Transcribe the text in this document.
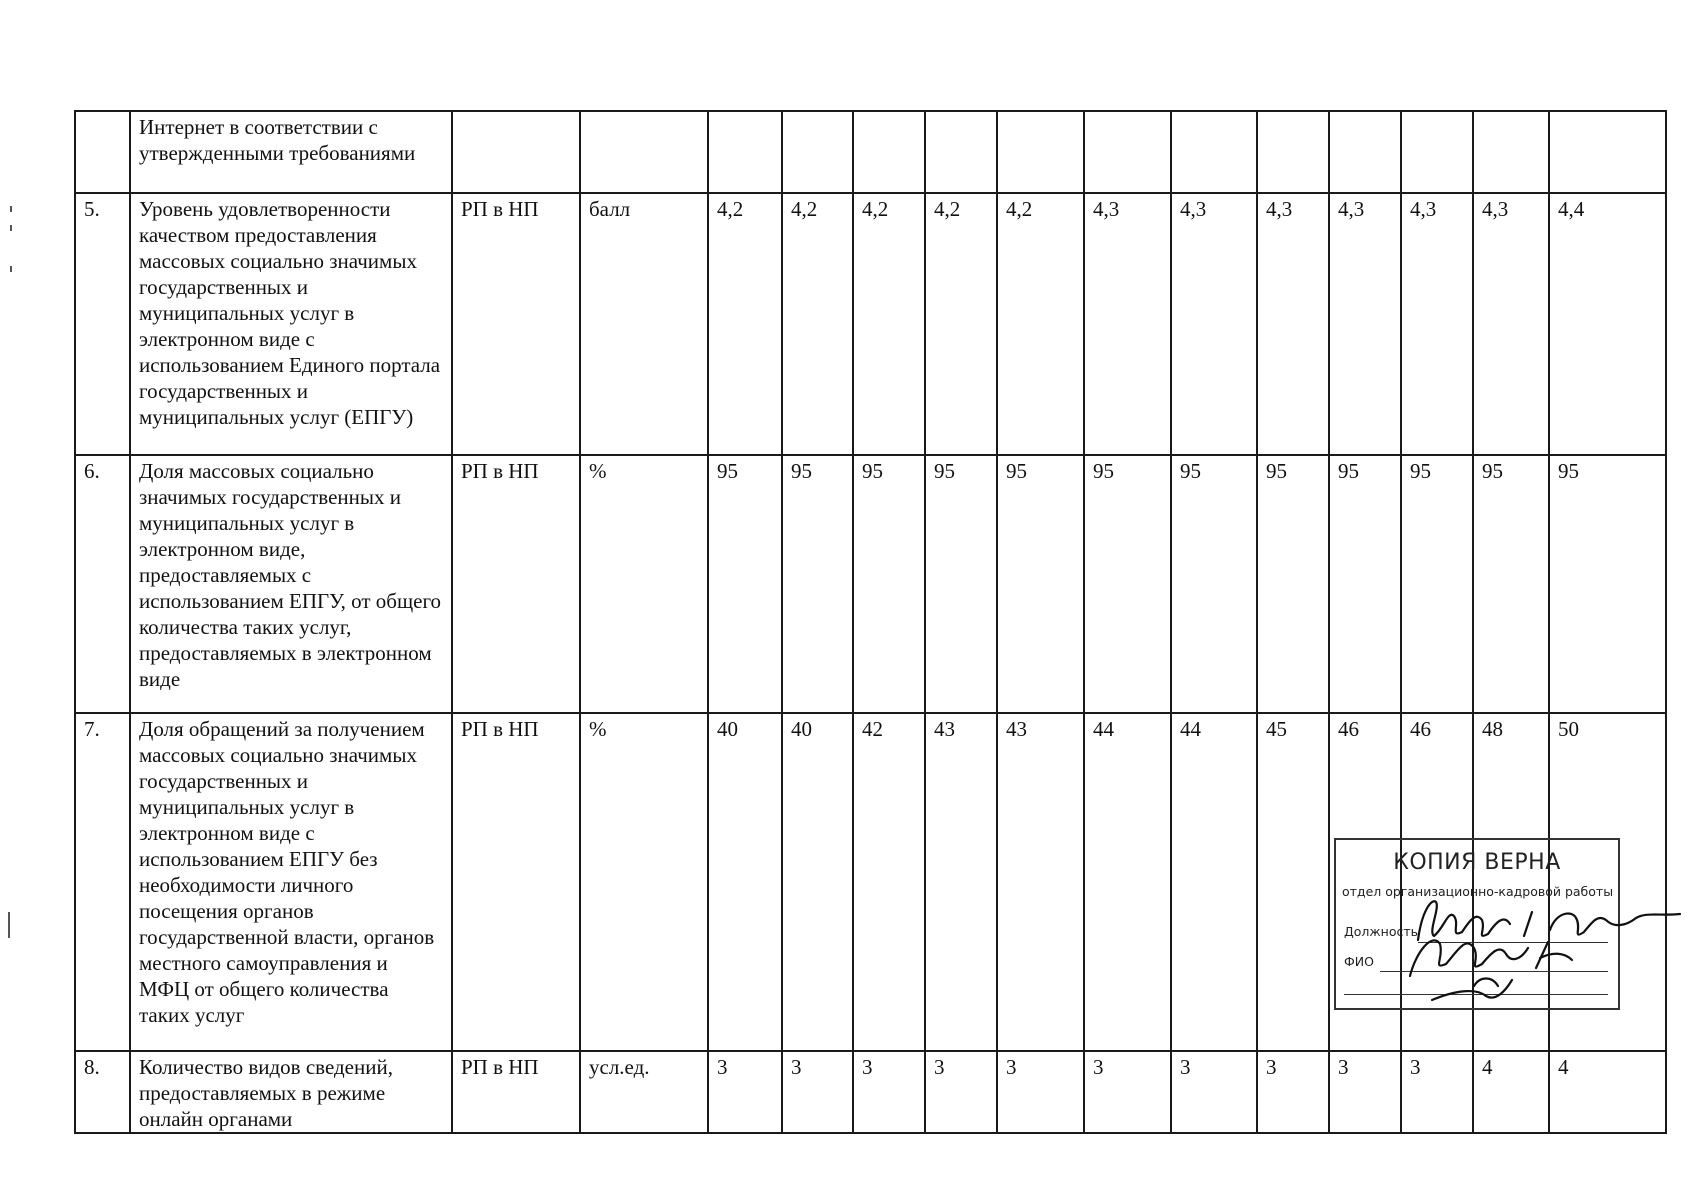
	Интернет в соответствии с утвержденными требованиями														
5.	Уровень удовлетворенности качеством предоставления массовых социально значимых государственных и муниципальных услуг в электронном виде с использованием Единого портала государственных и муниципальных услуг (ЕПГУ)	РП в НП	балл	4,2	4,2	4,2	4,2	4,2	4,3	4,3	4,3	4,3	4,3	4,3	4,4
6.	Доля массовых социально значимых государственных и муниципальных услуг в электронном виде, предоставляемых с использованием ЕПГУ, от общего количества таких услуг, предоставляемых в электронном виде	РП в НП	%	95	95	95	95	95	95	95	95	95	95	95	95
7.	Доля обращений за получением массовых социально значимых государственных и муниципальных услуг в электронном виде с использованием ЕПГУ без необходимости личного посещения органов государственной власти, органов местного самоуправления и МФЦ от общего количества таких услуг	РП в НП	%	40	40	42	43	43	44	44	45	46	46	48	50
8.	Количество видов сведений, предоставляемых в режиме онлайн органами	РП в НП	усл.ед.	3	3	3	3	3	3	3	3	3	3	4	4
КОПИЯ ВЕРНА
отдел организационно-кадровой работы
Должность
ФИО
